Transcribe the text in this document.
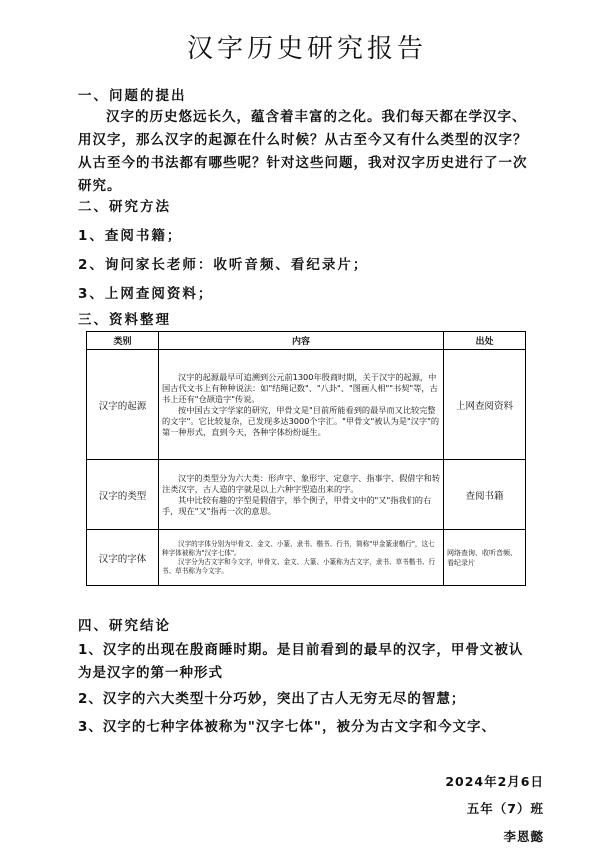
汉字历史研究报告
一、问题的提出
汉字的历史悠远长久，蕴含着丰富的之化。我们每天都在学汉字、用汉字，那么汉字的起源在什么时候？从古至今又有什么类型的汉字？从古至今的书法都有哪些呢？针对这些问题，我对汉字历史进行了一次研究。
二、研究方法
1、查阅书籍；
2、询问家长老师：收听音频、看纪录片；
3、上网查阅资料；
三、资料整理
类别	内容	出处
汉字的起源	汉字的起源最早可追溯到公元前1300年殷商时期，关于汉字的起源，中国古代文书上有种种说法：如"结绳记数"、"八卦"、"图画人相""书契"等，古书上还有"仓颉造字"传说。
按中国古文字学家的研究，甲骨文是"目前所能看到的最早而又比较完整的文字"。它比较复杂，已发现多达3000个字汇。"甲骨文"被认为是"汉字"的第一种形式，直到今天，各种字体纷纷诞生。	上网查阅资料
汉字的类型	汉字的类型分为六大类：形声字、象形字、定意字、指事字、假借字和转注类汉字，古人造的字就是以上六种字型造出来的字。
其中比较有趣的字型是假借字，举个例子，甲骨文中的"又"指我们的右手，现在"又"指再一次的意思。	查阅书籍
汉字的字体	汉字的字体分别为甲骨文、金文、小篆、隶书、楷书、行书，简称"甲金篆隶楷行"，这七种字体被称为"汉字七体"。
汉字分为古文字和今文字，甲骨文、金文、大篆、小篆称为古文字，隶书、草书楷书、行书、草书称为今文字。	网络查询、收听音频、看纪录片
四、研究结论
1、汉字的出现在殷商睡时期。是目前看到的最早的汉字，甲骨文被认为是汉字的第一种形式
2、汉字的六大类型十分巧妙，突出了古人无穷无尽的智慧；
3、汉字的七种字体被称为"汉字七体"，被分为古文字和今文字、
2024年2月6日
五年（7）班
李恩懿
